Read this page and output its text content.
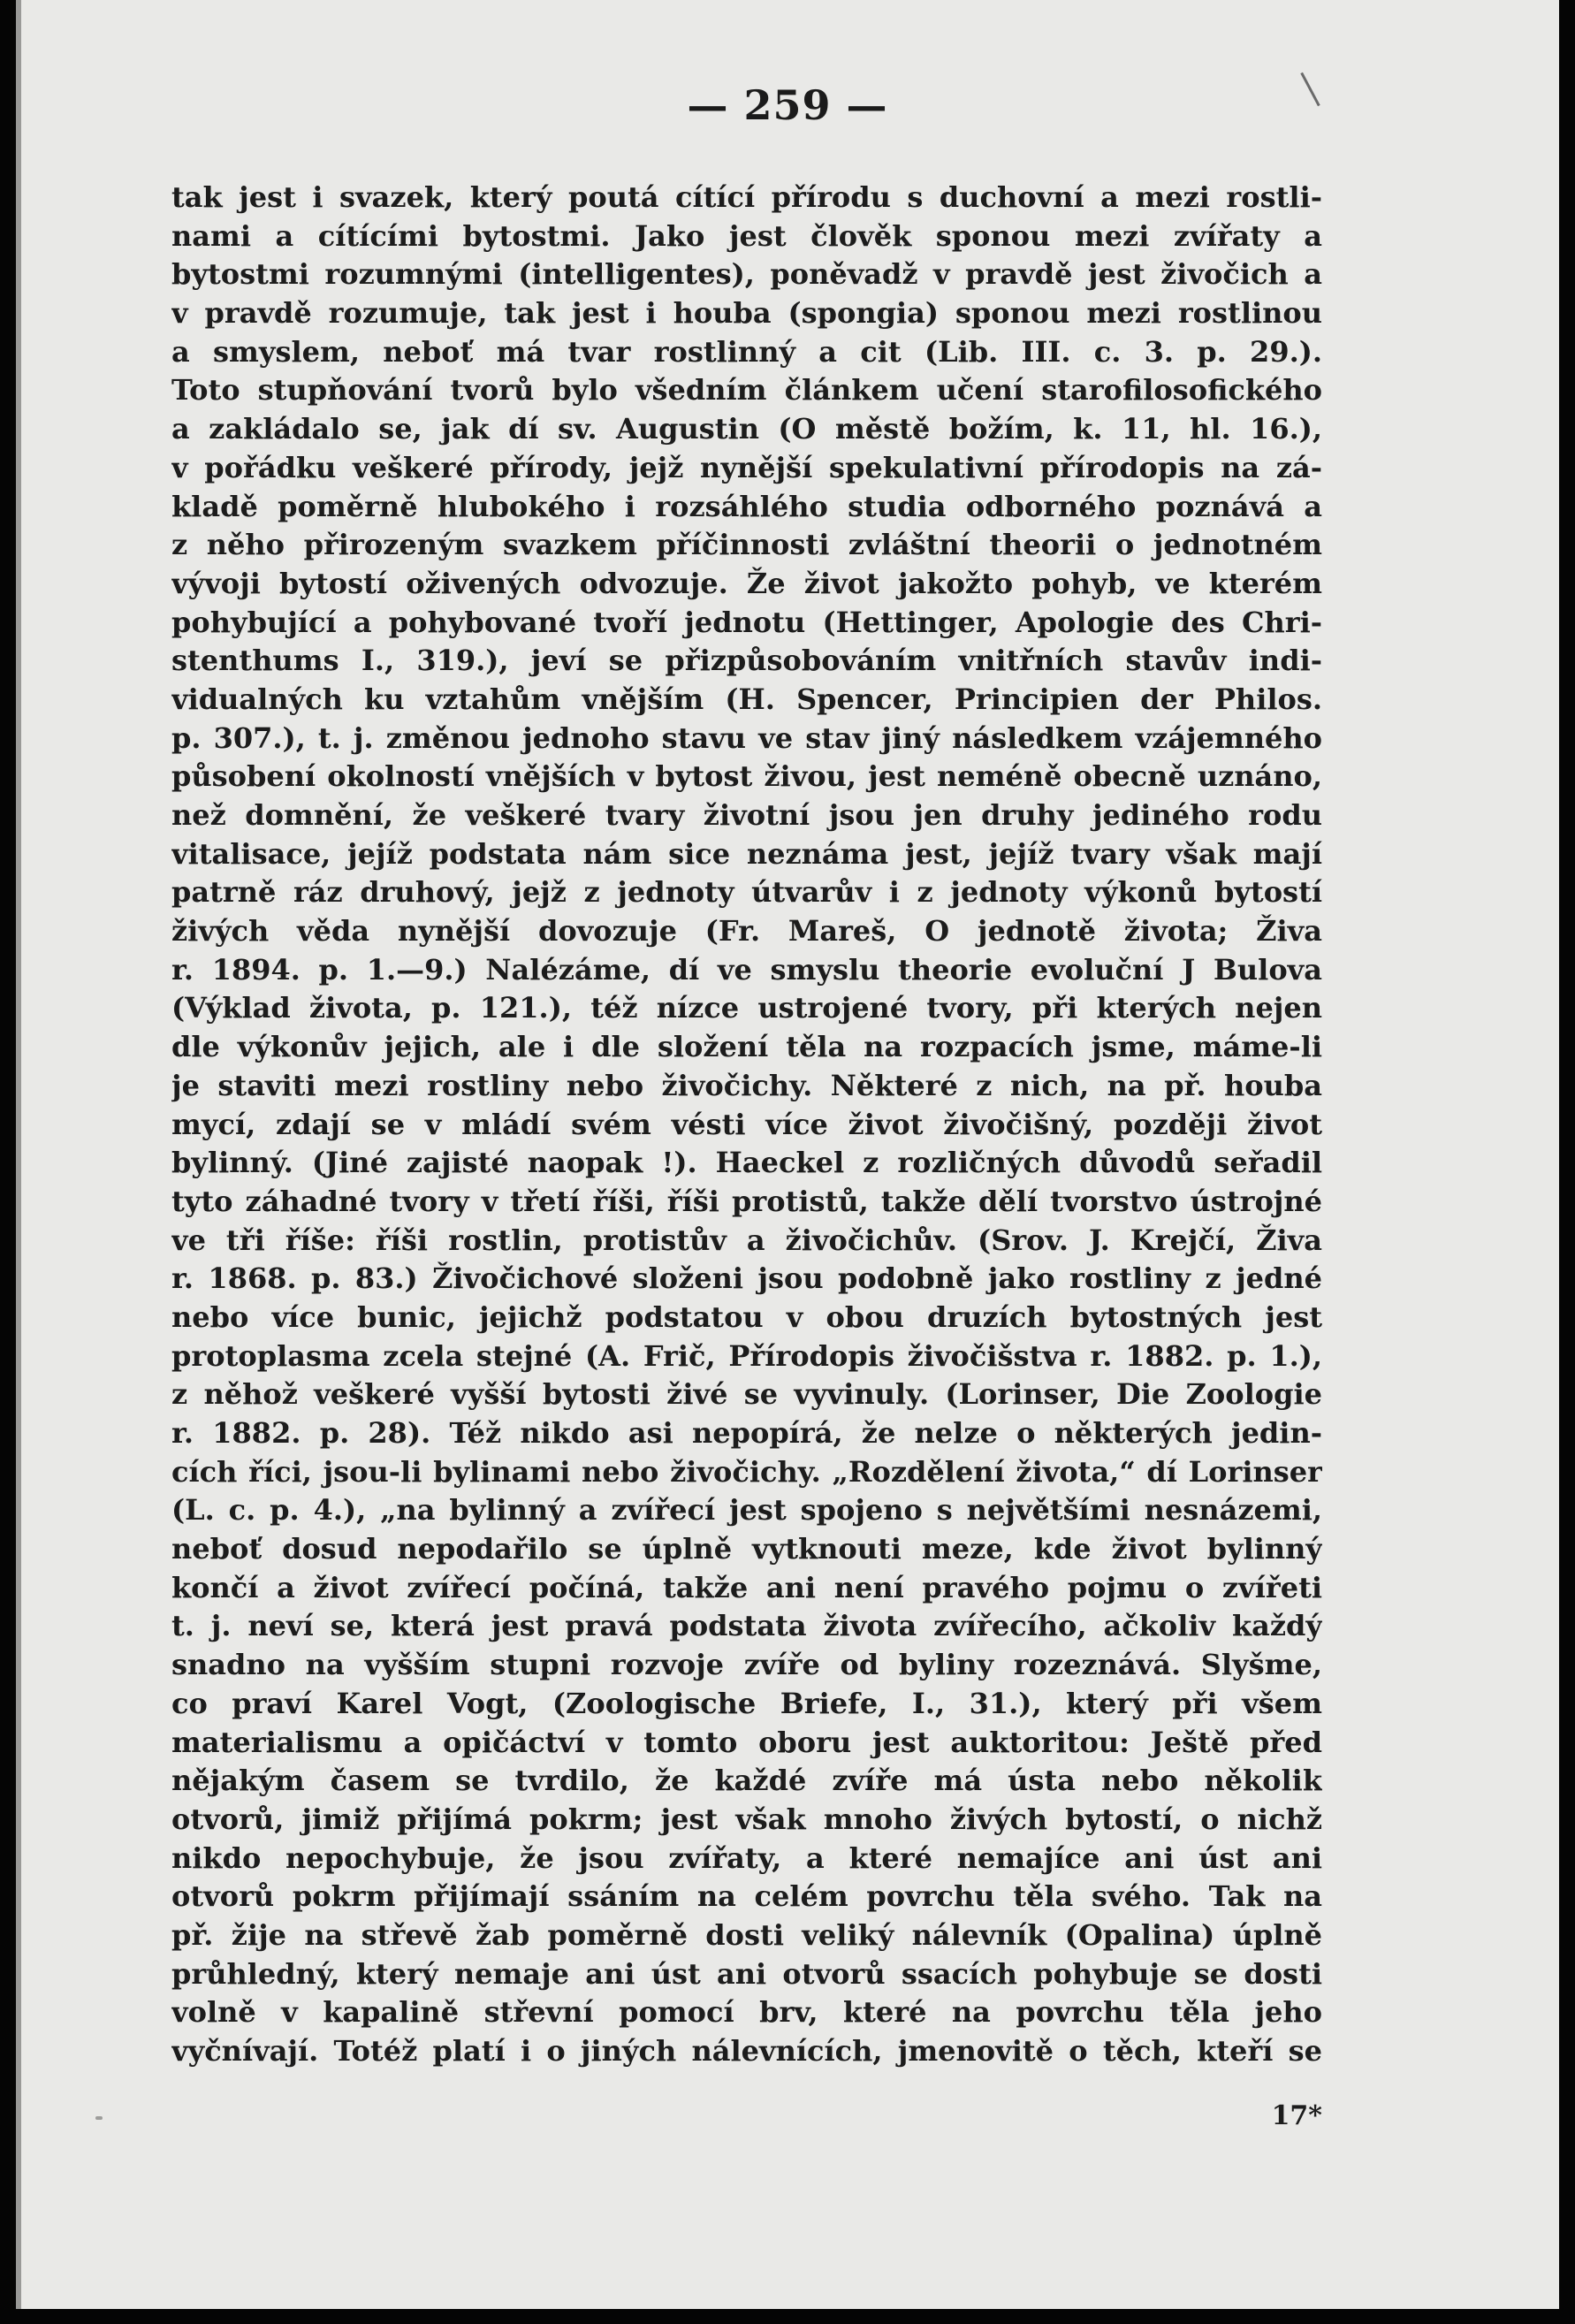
— 259 —
tak jest i svazek, který poutá cítící přírodu s duchovní a mezi rostli-
nami a cítícími bytostmi. Jako jest člověk sponou mezi zvířaty a
bytostmi rozumnými (intelligentes), poněvadž v pravdě jest živočich a
v pravdě rozumuje, tak jest i houba (spongia) sponou mezi rostlinou
a smyslem, neboť má tvar rostlinný a cit (Lib. III. c. 3. p. 29.).
Toto stupňování tvorů bylo všedním článkem učení starofilosofického
a zakládalo se, jak dí sv. Augustin (O městě božím, k. 11, hl. 16.),
v pořádku veškeré přírody, jejž nynější spekulativní přírodopis na zá-
kladě poměrně hlubokého i rozsáhlého studia odborného poznává a
z něho přirozeným svazkem příčinnosti zvláštní theorii o jednotném
vývoji bytostí oživených odvozuje. Že život jakožto pohyb, ve kterém
pohybující a pohybované tvoří jednotu (Hettinger, Apologie des Chri-
stenthums I., 319.), jeví se přizpůsobováním vnitřních stavův indi-
vidualných ku vztahům vnějším (H. Spencer, Principien der Philos.
p. 307.), t. j. změnou jednoho stavu ve stav jiný následkem vzájemného
působení okolností vnějších v bytost živou, jest neméně obecně uznáno,
než domnění, že veškeré tvary životní jsou jen druhy jediného rodu
vitalisace, jejíž podstata nám sice neznáma jest, jejíž tvary však mají
patrně ráz druhový, jejž z jednoty útvarův i z jednoty výkonů bytostí
živých věda nynější dovozuje (Fr. Mareš, O jednotě života; Živa
r. 1894. p. 1.—9.) Nalézáme, dí ve smyslu theorie evoluční J Bulova
(Výklad života, p. 121.), též nízce ustrojené tvory, při kterých nejen
dle výkonův jejich, ale i dle složení těla na rozpacích jsme, máme-li
je staviti mezi rostliny nebo živočichy. Některé z nich, na př. houba
mycí, zdají se v mládí svém vésti více život živočišný, později život
bylinný. (Jiné zajisté naopak !). Haeckel z rozličných důvodů seřadil
tyto záhadné tvory v třetí říši, říši protistů, takže dělí tvorstvo ústrojné
ve tři říše: říši rostlin, protistův a živočichův. (Srov. J. Krejčí, Živa
r. 1868. p. 83.) Živočichové složeni jsou podobně jako rostliny z jedné
nebo více bunic, jejichž podstatou v obou druzích bytostných jest
protoplasma zcela stejné (A. Frič, Přírodopis živočišstva r. 1882. p. 1.),
z něhož veškeré vyšší bytosti živé se vyvinuly. (Lorinser, Die Zoologie
r. 1882. p. 28). Též nikdo asi nepopírá, že nelze o některých jedin-
cích říci, jsou-li bylinami nebo živočichy. „Rozdělení života,“ dí Lorinser
(L. c. p. 4.), „na bylinný a zvířecí jest spojeno s největšími nesnázemi,
neboť dosud nepodařilo se úplně vytknouti meze, kde život bylinný
končí a život zvířecí počíná, takže ani není pravého pojmu o zvířeti
t. j. neví se, která jest pravá podstata života zvířecího, ačkoliv každý
snadno na vyšším stupni rozvoje zvíře od byliny rozeznává. Slyšme,
co praví Karel Vogt, (Zoologische Briefe, I., 31.), který při všem
materialismu a opičáctví v tomto oboru jest auktoritou: Ještě před
nějakým časem se tvrdilo, že každé zvíře má ústa nebo několik
otvorů, jimiž přijímá pokrm; jest však mnoho živých bytostí, o nichž
nikdo nepochybuje, že jsou zvířaty, a které nemajíce ani úst ani
otvorů pokrm přijímají ssáním na celém povrchu těla svého. Tak na
př. žije na střevě žab poměrně dosti veliký nálevník (Opalina) úplně
průhledný, který nemaje ani úst ani otvorů ssacích pohybuje se dosti
volně v kapalině střevní pomocí brv, které na povrchu těla jeho
vyčnívají. Totéž platí i o jiných nálevnících, jmenovitě o těch, kteří se
17*
